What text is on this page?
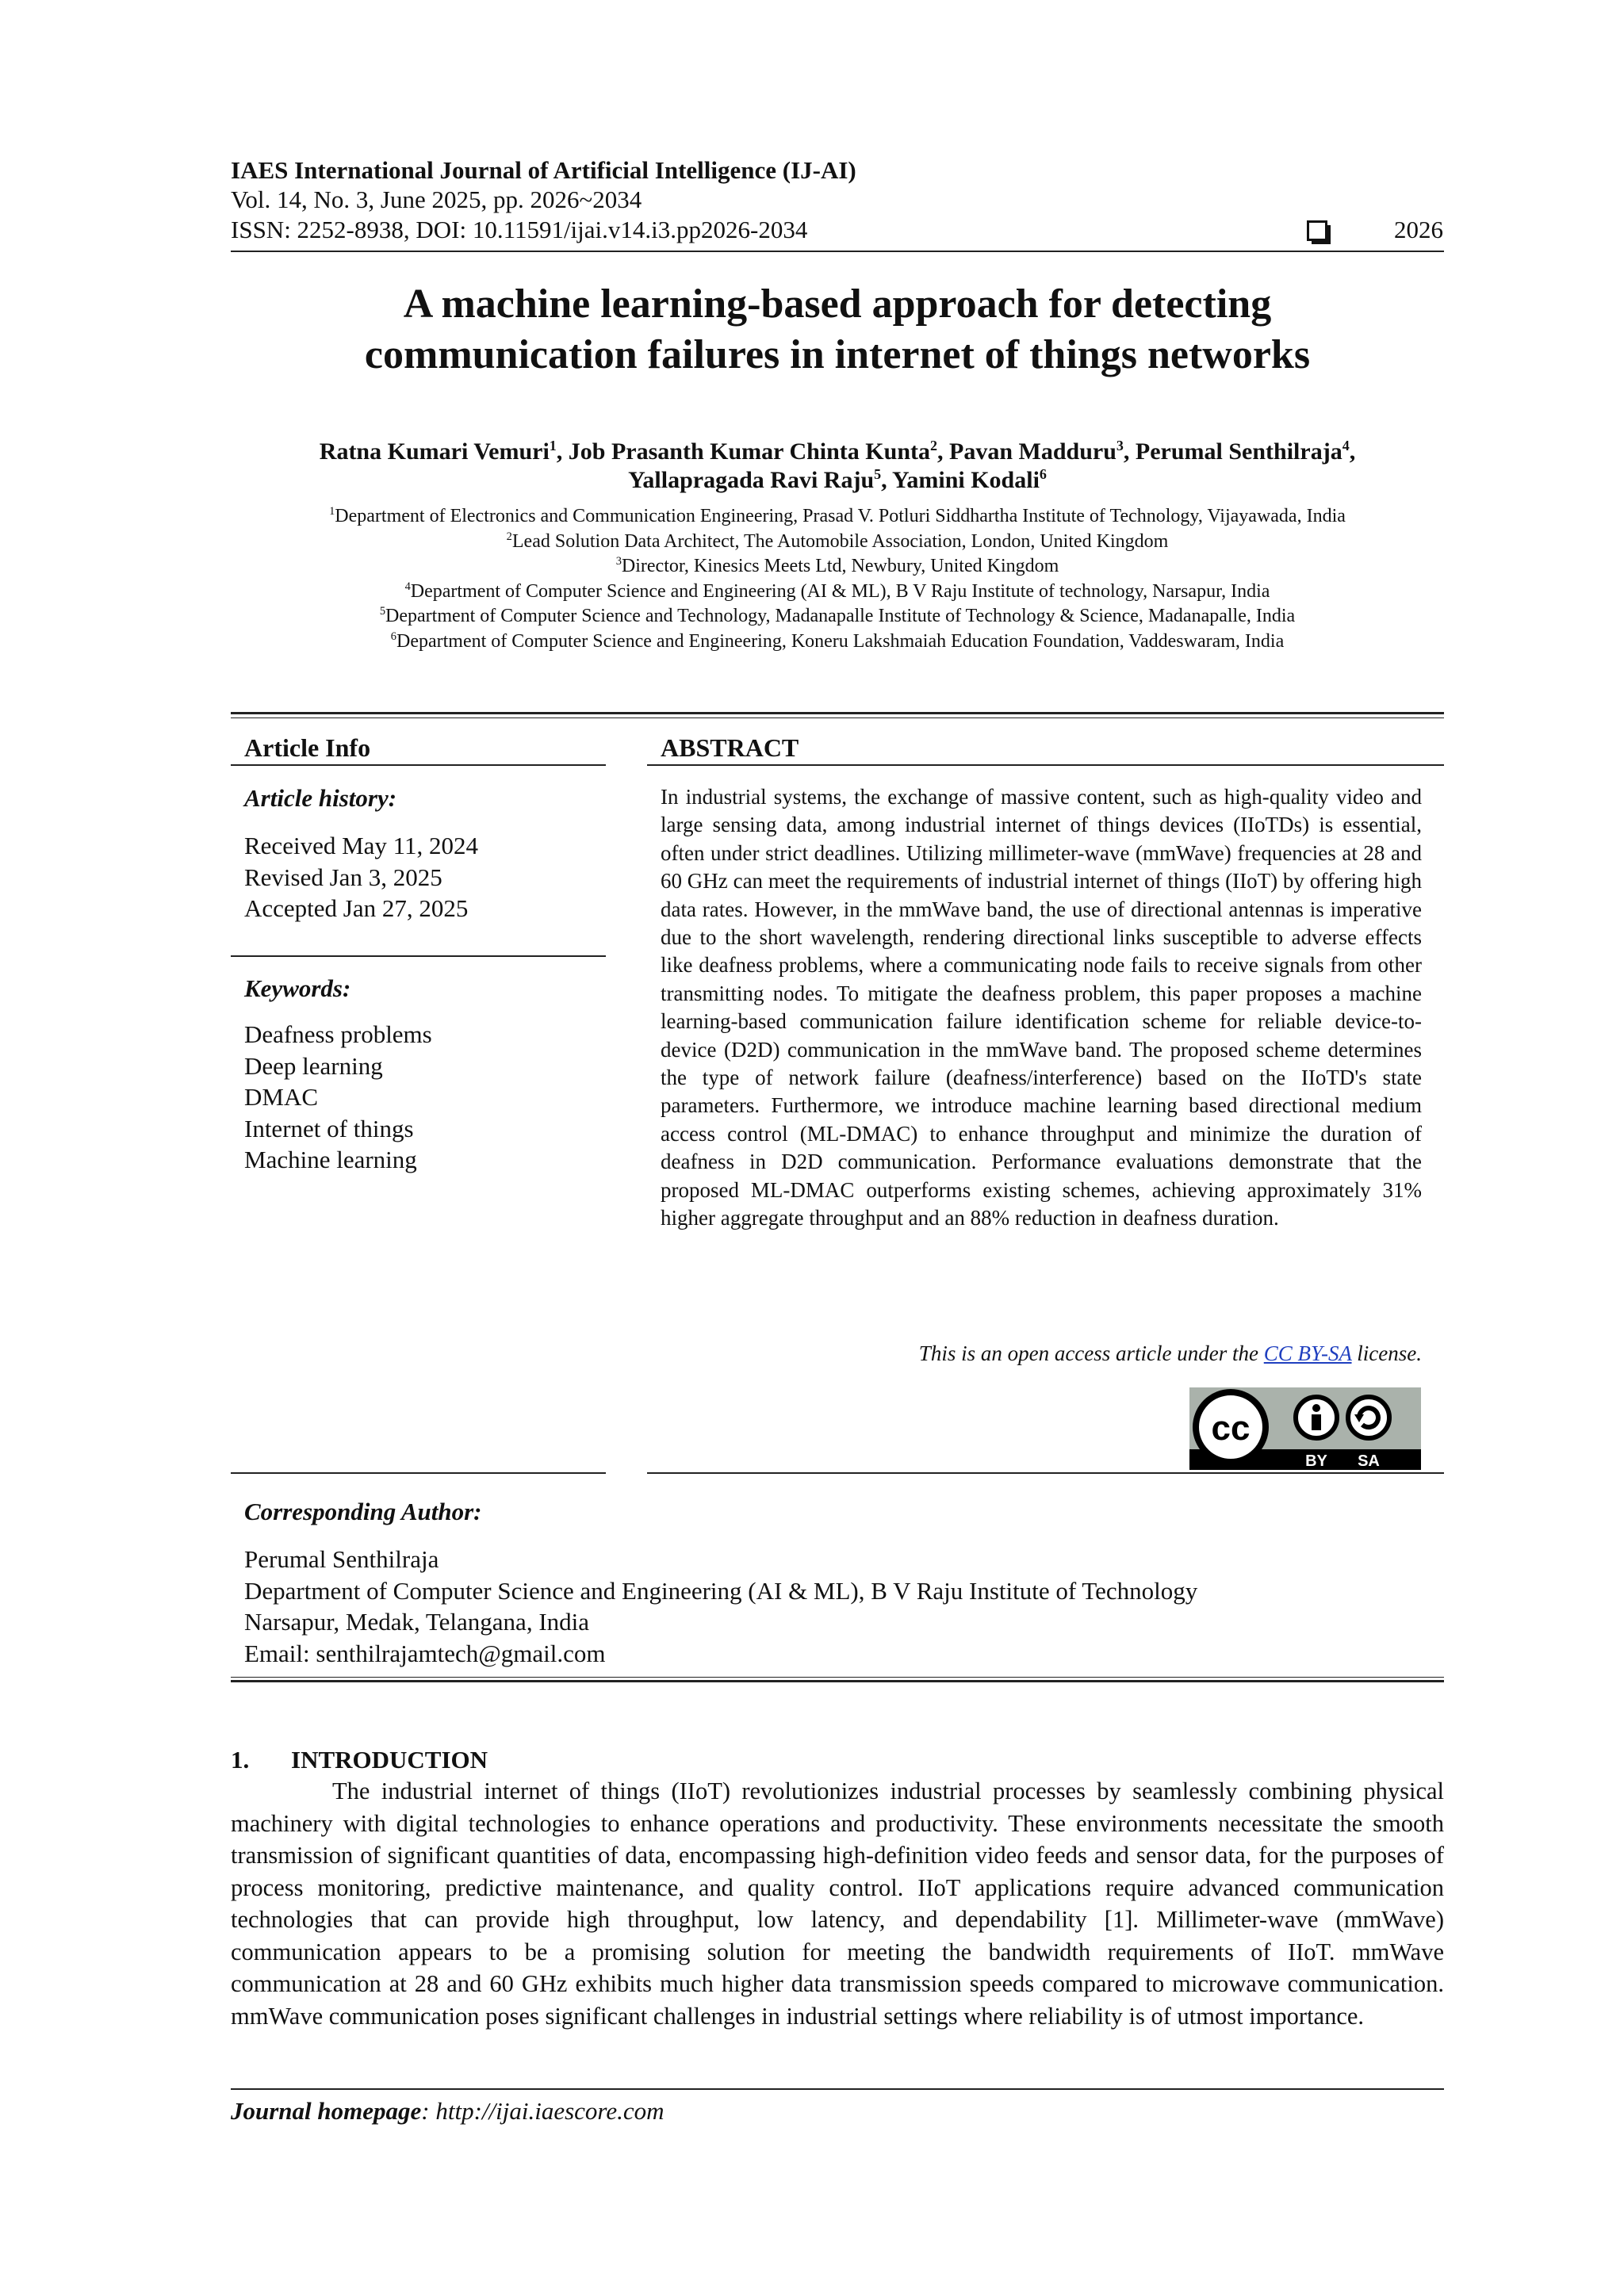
IAES International Journal of Artificial Intelligence (IJ-AI)
Vol. 14, No. 3, June 2025, pp. 2026~2034
ISSN: 2252-8938, DOI: 10.11591/ijai.v14.i3.pp2026-2034	2026
A machine learning-based approach for detecting
communication failures in internet of things networks
Ratna Kumari Vemuri$^1$, Job Prasanth Kumar Chinta Kunta$^2$, Pavan Madduru$^3$, Perumal Senthilraja$^4$,
Yallapragada Ravi Raju$^5$, Yamini Kodali$^6$
$^1$Department of Electronics and Communication Engineering, Prasad V. Potluri Siddhartha Institute of Technology, Vijayawada, India
$^2$Lead Solution Data Architect, The Automobile Association, London, United Kingdom
$^3$Director, Kinesics Meets Ltd, Newbury, United Kingdom
$^4$Department of Computer Science and Engineering (AI & ML), B V Raju Institute of technology, Narsapur, India
$^5$Department of Computer Science and Technology, Madanapalle Institute of Technology & Science, Madanapalle, India
$^6$Department of Computer Science and Engineering, Koneru Lakshmaiah Education Foundation, Vaddeswaram, India
Article Info
Article history:
Received May 11, 2024
Revised Jan 3, 2025
Accepted Jan 27, 2025
Keywords:
Deafness problems
Deep learning
DMAC
Internet of things
Machine learning
ABSTRACT
In industrial systems, the exchange of massive content, such as high-quality video and large sensing data, among industrial internet of things devices (IIoTDs) is essential, often under strict deadlines. Utilizing millimeter-wave (mmWave) frequencies at 28 and 60 GHz can meet the requirements of industrial internet of things (IIoT) by offering high data rates. However, in the mmWave band, the use of directional antennas is imperative due to the short wavelength, rendering directional links susceptible to adverse effects like deafness problems, where a communicating node fails to receive signals from other transmitting nodes. To mitigate the deafness problem, this paper proposes a machine learning-based communication failure identification scheme for reliable device-to-device (D2D) communication in the mmWave band. The proposed scheme determines the type of network failure (deafness/interference) based on the IIoTD's state parameters. Furthermore, we introduce machine learning based directional medium access control (ML-DMAC) to enhance throughput and minimize the duration of deafness in D2D communication. Performance evaluations demonstrate that the proposed ML-DMAC outperforms existing schemes, achieving approximately 31% higher aggregate throughput and an 88% reduction in deafness duration.
This is an open access article under the CC BY-SA license.
cc
BY SA
Corresponding Author:
Perumal Senthilraja
Department of Computer Science and Engineering (AI & ML), B V Raju Institute of Technology
Narsapur, Medak, Telangana, India
Email: senthilrajamtech@gmail.com
1. INTRODUCTION
The industrial internet of things (IIoT) revolutionizes industrial processes by seamlessly combining physical machinery with digital technologies to enhance operations and productivity. These environments necessitate the smooth transmission of significant quantities of data, encompassing high-definition video feeds and sensor data, for the purposes of process monitoring, predictive maintenance, and quality control. IIoT applications require advanced communication technologies that can provide high throughput, low latency, and dependability [1]. Millimeter-wave (mmWave) communication appears to be a promising solution for meeting the bandwidth requirements of IIoT. mmWave communication at 28 and 60 GHz exhibits much higher data transmission speeds compared to microwave communication. mmWave communication poses significant challenges in industrial settings where reliability is of utmost importance.
Journal homepage: http://ijai.iaescore.com
